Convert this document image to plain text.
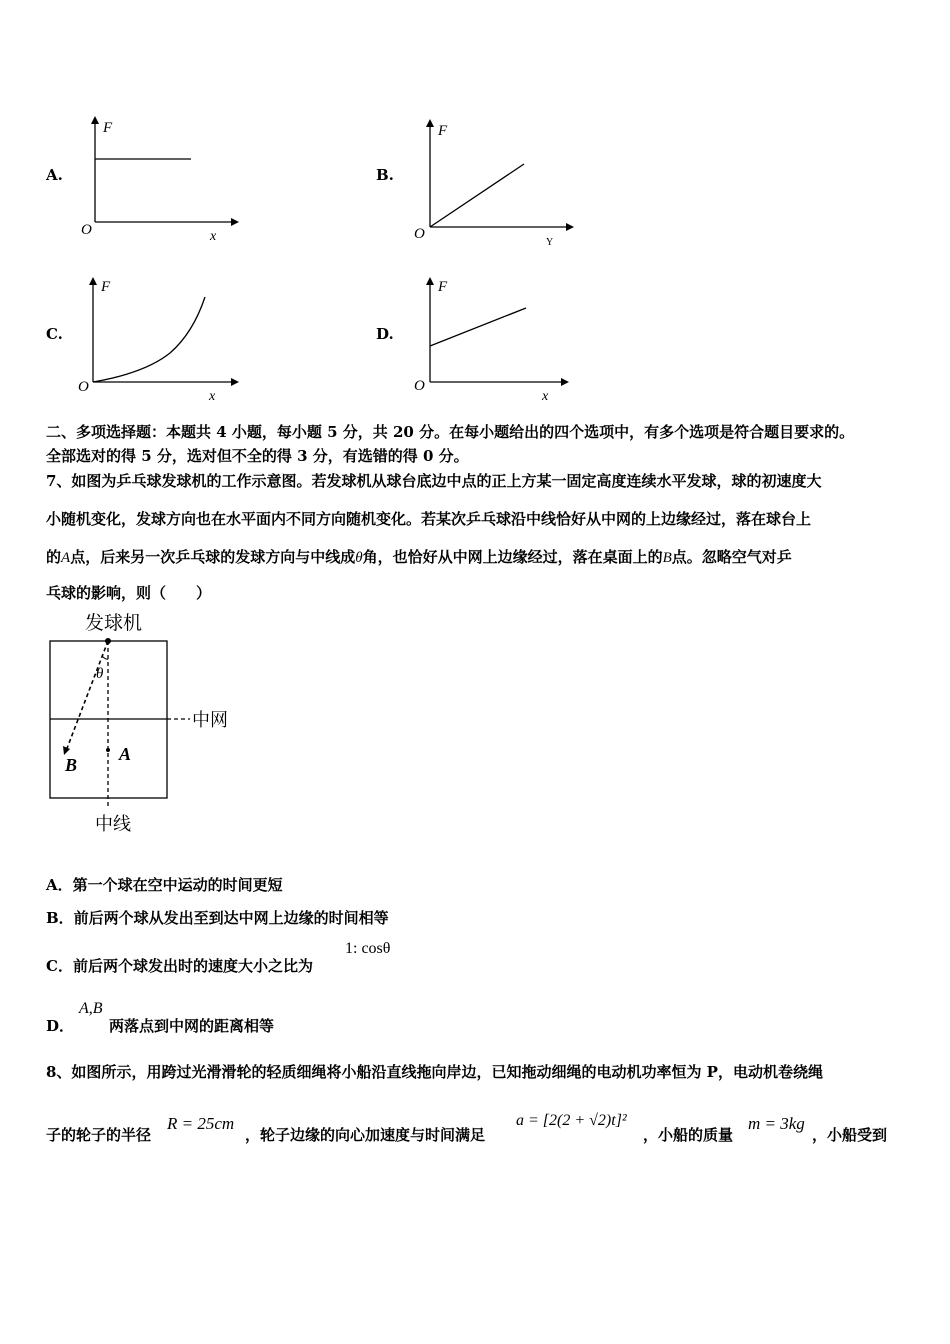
A.
F
x
O
B.
F
Y
O
C.
F
x
O
D.
F
x
O
二、多项选择题：本题共 4 小题，每小题 5 分，共 20 分。在每小题给出的四个选项中，有多个选项是符合题目要求的。
全部选对的得 5 分，选对但不全的得 3 分，有选错的得 0 分。
7、如图为乒乓球发球机的工作示意图。若发球机从球台底边中点的正上方某一固定高度连续水平发球，球的初速度大
小随机变化，发球方向也在水平面内不同方向随机变化。若某次乒乓球沿中线恰好从中网的上边缘经过，落在球台上
的A点，后来另一次乒乓球的发球方向与中线成θ角，也恰好从中网上边缘经过，落在桌面上的B点。忽略空气对乒
乓球的影响，则（　　）
发球机
中网
中线
θ
A
B
A．第一个球在空中运动的时间更短
B．前后两个球从发出至到达中网上边缘的时间相等
C．前后两个球发出时的速度大小之比为
1: cosθ
D．
A,B
两落点到中网的距离相等
8、如图所示，用跨过光滑滑轮的轻质细绳将小船沿直线拖向岸边，已知拖动细绳的电动机功率恒为 P，电动机卷绕绳
子的轮子的半径
R = 25cm
，轮子边缘的向心加速度与时间满足
a = [2(2 + √2)t]²
，小船的质量
m = 3kg
，小船受到
